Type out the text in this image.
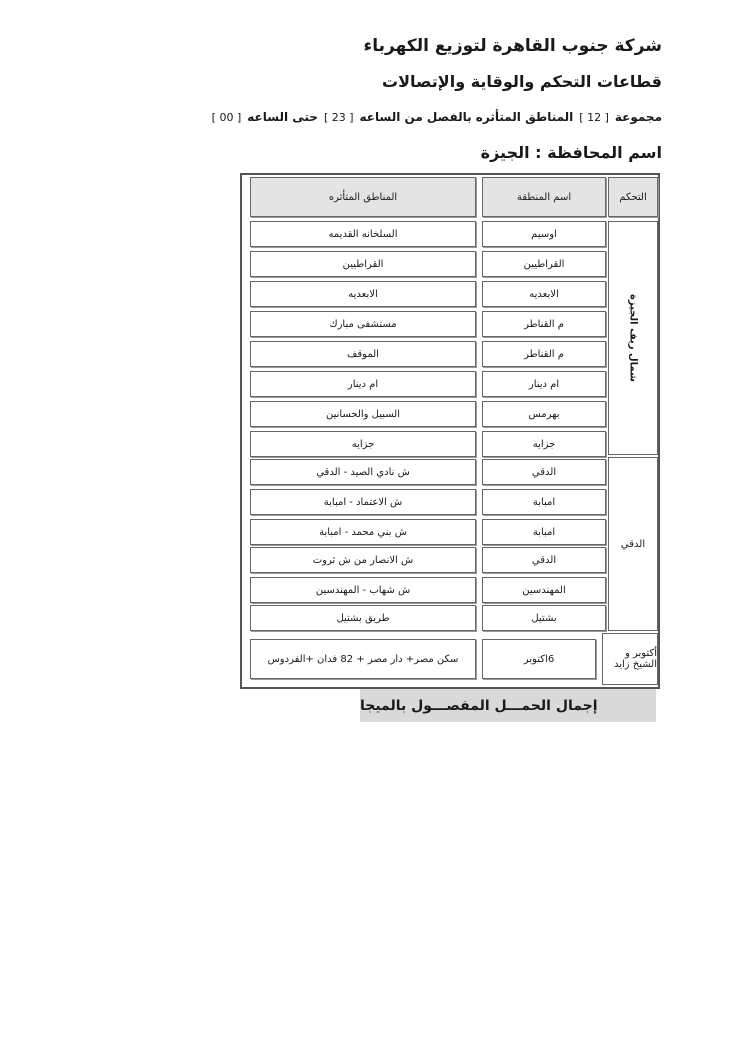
شركة جنوب القاهرة لتوزيع الكهرباء
قطاعات التحكم والوقاية والإتصالات
مجموعة
[ 12 ]
المناطق المتأثره بالفصل من الساعه
[ 23 ]
حتى الساعه
[ 00 ]
اسم المحافظة : الجيزة
التحكم
اسم المنطقة
المناطق المتأثره
شمال ريف الجيزة
الدقي
أكتوبر و الشيخ زايد
اوسيم
السلخانه القديمه
القراطيين
القراطيين
الابعديه
الابعديه
م القناطر
مستشفى مبارك
م القناطر
الموقف
ام دينار
ام دينار
بهرمس
السبيل والحسانين
جزايه
جزايه
الدقي
ش نادي الصيد - الدقي
امبابة
ش الاعتماد - امبابة
امبابة
ش بني محمد - امبابة
الدقي
ش الانصار من ش ثروت
المهندسين
ش شهاب - المهندسين
بشتيل
طريق بشتيل
6اكتوبر
سكن مصر+ دار مصر + 82 فدان +الفردوس
إجمال الحمـــل المفصـــول بالميجا
